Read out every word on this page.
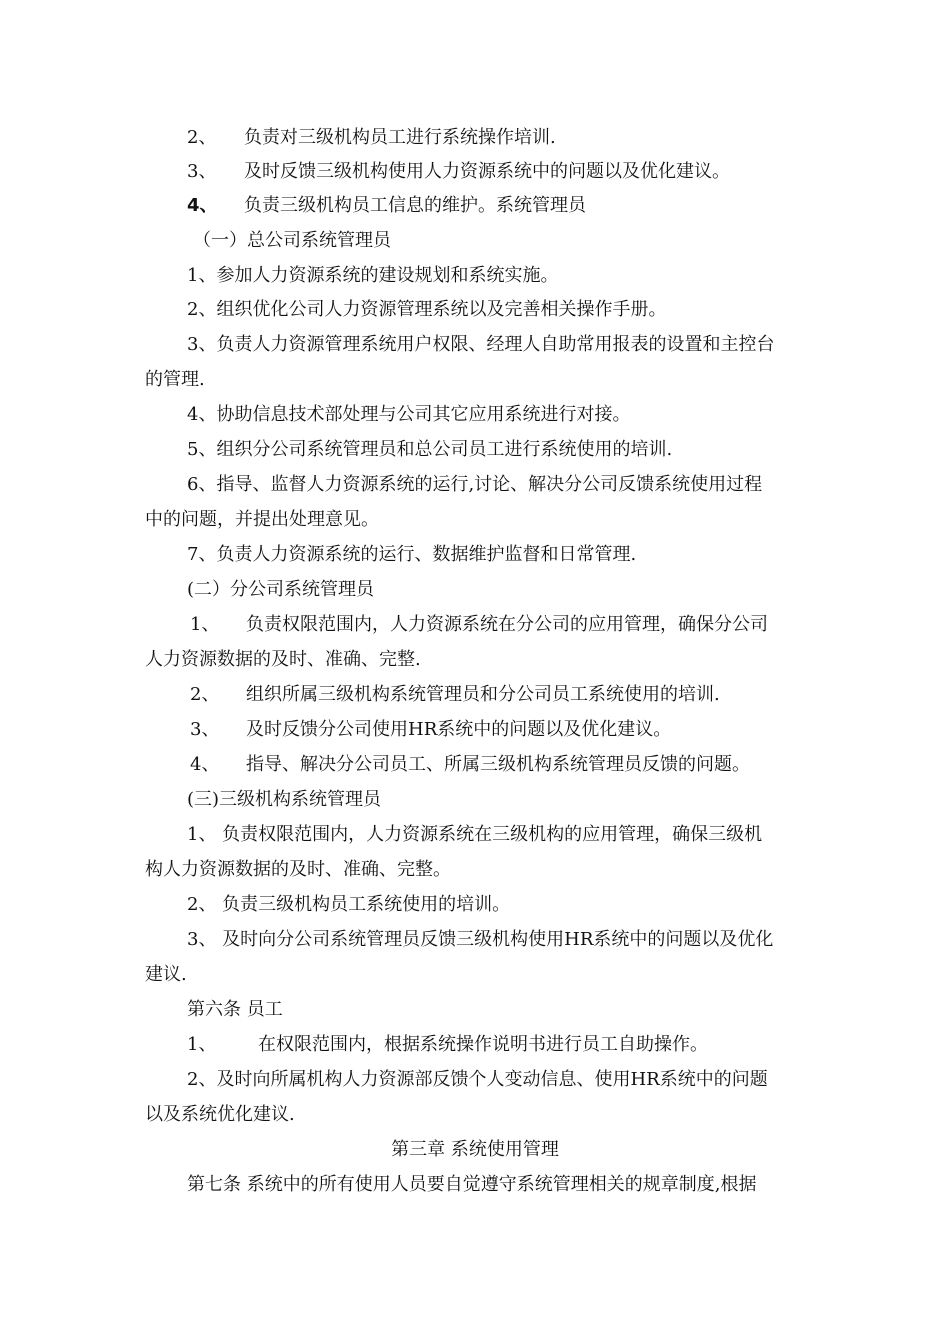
2、 负责对三级机构员工进行系统操作培训.
3、 及时反馈三级机构使用人力资源系统中的问题以及优化建议。
4、 负责三级机构员工信息的维护。系统管理员
（一）总公司系统管理员
1、参加人力资源系统的建设规划和系统实施。
2、组织优化公司人力资源管理系统以及完善相关操作手册。
3、负责人力资源管理系统用户权限、经理人自助常用报表的设置和主控台
的管理.
4、协助信息技术部处理与公司其它应用系统进行对接。
5、组织分公司系统管理员和总公司员工进行系统使用的培训.
6、指导、监督人力资源系统的运行,讨论、解决分公司反馈系统使用过程
中的问题，并提出处理意见。
7、负责人力资源系统的运行、数据维护监督和日常管理.
(二）分公司系统管理员
1、 负责权限范围内，人力资源系统在分公司的应用管理，确保分公司
人力资源数据的及时、准确、完整.
2、 组织所属三级机构系统管理员和分公司员工系统使用的培训.
3、 及时反馈分公司使用HR系统中的问题以及优化建议。
4、 指导、解决分公司员工、所属三级机构系统管理员反馈的问题。
(三)三级机构系统管理员
1、 负责权限范围内，人力资源系统在三级机构的应用管理，确保三级机
构人力资源数据的及时、准确、完整。
2、 负责三级机构员工系统使用的培训。
3、 及时向分公司系统管理员反馈三级机构使用HR系统中的问题以及优化
建议.
第六条 员工
1、 在权限范围内，根据系统操作说明书进行员工自助操作。
2、及时向所属机构人力资源部反馈个人变动信息、使用HR系统中的问题
以及系统优化建议.
第三章 系统使用管理
第七条 系统中的所有使用人员要自觉遵守系统管理相关的规章制度,根据
